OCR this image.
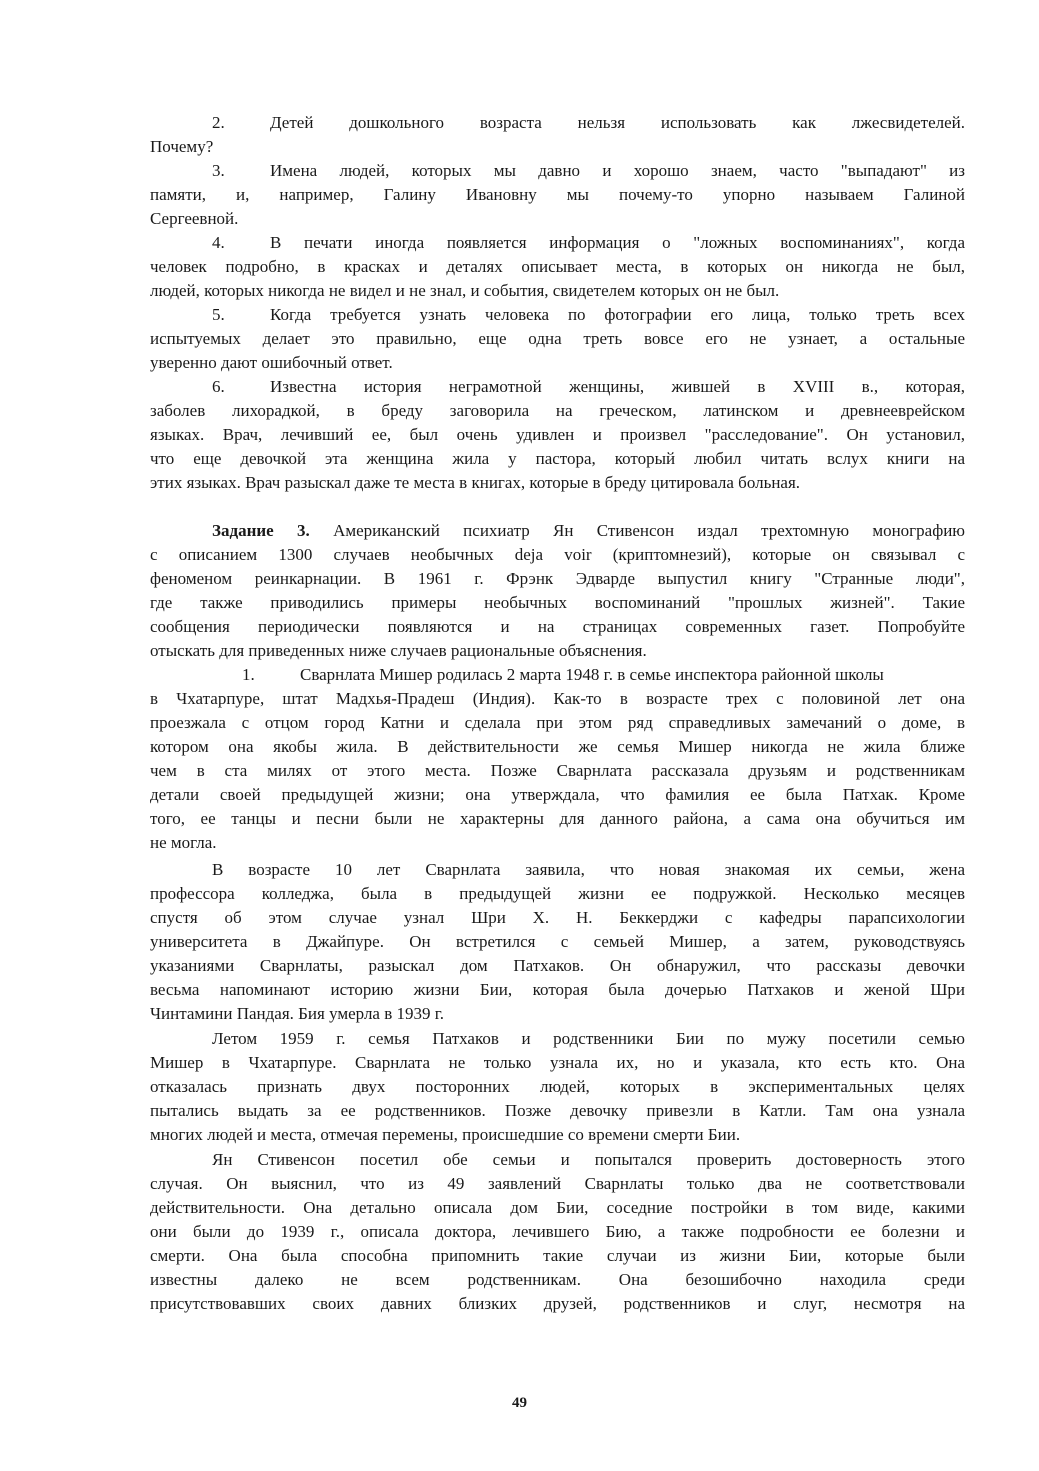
2.	Детей дошкольного возраста нельзя использовать как лжесвидетелей.
Почему?
3.	Имена людей, которых мы давно и хорошо знаем, часто "выпадают" из
памяти, и, например, Галину Ивановну мы почему-то упорно называем Галиной
Сергеевной.
4.	В печати иногда появляется информация о "ложных воспоминаниях", когда
человек подробно, в красках и деталях описывает места, в которых он никогда не был,
людей, которых никогда не видел и не знал, и события, свидетелем которых он не был.
5.	Когда требуется узнать человека по фотографии его лица, только треть всех
испытуемых делает это правильно, еще одна треть вовсе его не узнает, а остальные
уверенно дают ошибочный ответ.
6.	Известна история неграмотной женщины, жившей в XVIII в., которая,
заболев лихорадкой, в бреду заговорила на греческом, латинском и древнееврейском
языках. Врач, лечивший ее, был очень удивлен и произвел "расследование". Он установил,
что еще девочкой эта женщина жила у пастора, который любил читать вслух книги на
этих языках. Врач разыскал даже те места в книгах, которые в бреду цитировала больная.
Задание 3. Американский психиатр Ян Стивенсон издал трехтомную монографию
с описанием 1300 случаев необычных deja voir (криптомнезий), которые он связывал с
феноменом реинкарнации. В 1961 г. Фрэнк Эдварде выпустил книгу "Странные люди",
где также приводились примеры необычных воспоминаний "прошлых жизней". Такие
сообщения периодически появляются и на страницах современных газет. Попробуйте
отыскать для приведенных ниже случаев рациональные объяснения.
1.	Сварнлата Мишер родилась 2 марта 1948 г. в семье инспектора районной школы
в Чхатарпуре, штат Мадхья-Прадеш (Индия). Как-то в возрасте трех с половиной лет она
проезжала с отцом город Катни и сделала при этом ряд справедливых замечаний о доме, в
котором она якобы жила. В действительности же семья Мишер никогда не жила ближе
чем в ста милях от этого места. Позже Сварнлата рассказала друзьям и родственникам
детали своей предыдущей жизни; она утверждала, что фамилия ее была Патхак. Кроме
того, ее танцы и песни были не характерны для данного района, а сама она обучиться им
не могла.
В возрасте 10 лет Сварнлата заявила, что новая знакомая их семьи, жена
профессора колледжа, была в предыдущей жизни ее подружкой. Несколько месяцев
спустя об этом случае узнал Шри X. Н. Беккерджи с кафедры парапсихологии
университета в Джайпуре. Он встретился с семьей Мишер, а затем, руководствуясь
указаниями Сварнлаты, разыскал дом Патхаков. Он обнаружил, что рассказы девочки
весьма напоминают историю жизни Бии, которая была дочерью Патхаков и женой Шри
Чинтамини Пандая. Бия умерла в 1939 г.
Летом 1959 г. семья Патхаков и родственники Бии по мужу посетили семью
Мишер в Чхатарпуре. Сварнлата не только узнала их, но и указала, кто есть кто. Она
отказалась признать двух посторонних людей, которых в экспериментальных целях
пытались выдать за ее родственников. Позже девочку привезли в Катли. Там она узнала
многих людей и места, отмечая перемены, происшедшие со времени смерти Бии.
Ян Стивенсон посетил обе семьи и попытался проверить достоверность этого
случая. Он выяснил, что из 49 заявлений Сварнлаты только два не соответствовали
действительности. Она детально описала дом Бии, соседние постройки в том виде, какими
они были до 1939 г., описала доктора, лечившего Бию, а также подробности ее болезни и
смерти. Она была способна припомнить такие случаи из жизни Бии, которые были
известны далеко не всем родственникам. Она безошибочно находила среди
присутствовавших своих давних близких друзей, родственников и слуг, несмотря на
49
